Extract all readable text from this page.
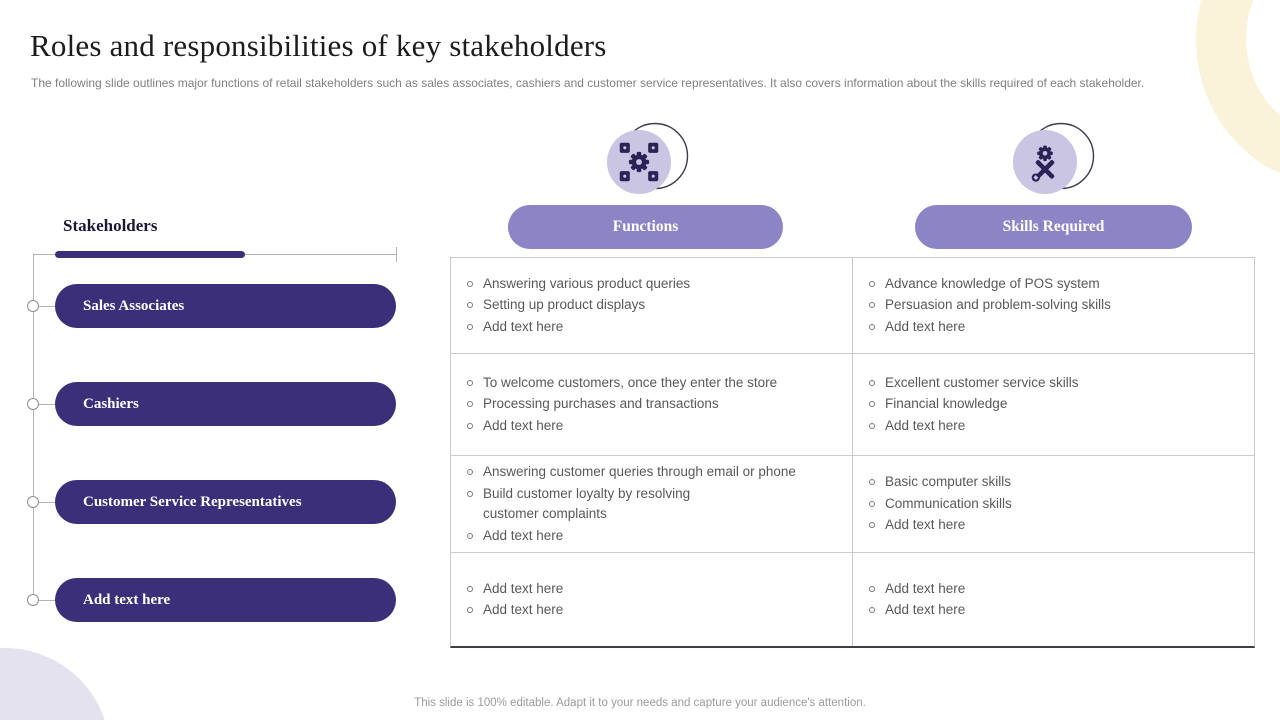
Roles and responsibilities of key stakeholders

The following slide outlines major functions of retail stakeholders such as sales associates, cashiers and customer service representatives. It also covers information about the skills required of each stakeholder.

Stakeholders
Sales Associates
Cashiers
Customer Service Representatives
Add text here
Functions	Skills Required
Answering various product queries
Setting up product displays
Add text here
Advance knowledge of POS system
Persuasion and problem-solving skills
Add text here
To welcome customers, once they enter the store
Processing purchases and transactions
Add text here
Excellent customer service skills
Financial knowledge
Add text here
Answering customer queries through email or phone
Build customer loyalty by resolving
customer complaints
Add text here
Basic computer skills
Communication skills
Add text here
Add text here
Add text here
Add text here
Add text here

This slide is 100% editable. Adapt it to your needs and capture your audience's attention.
